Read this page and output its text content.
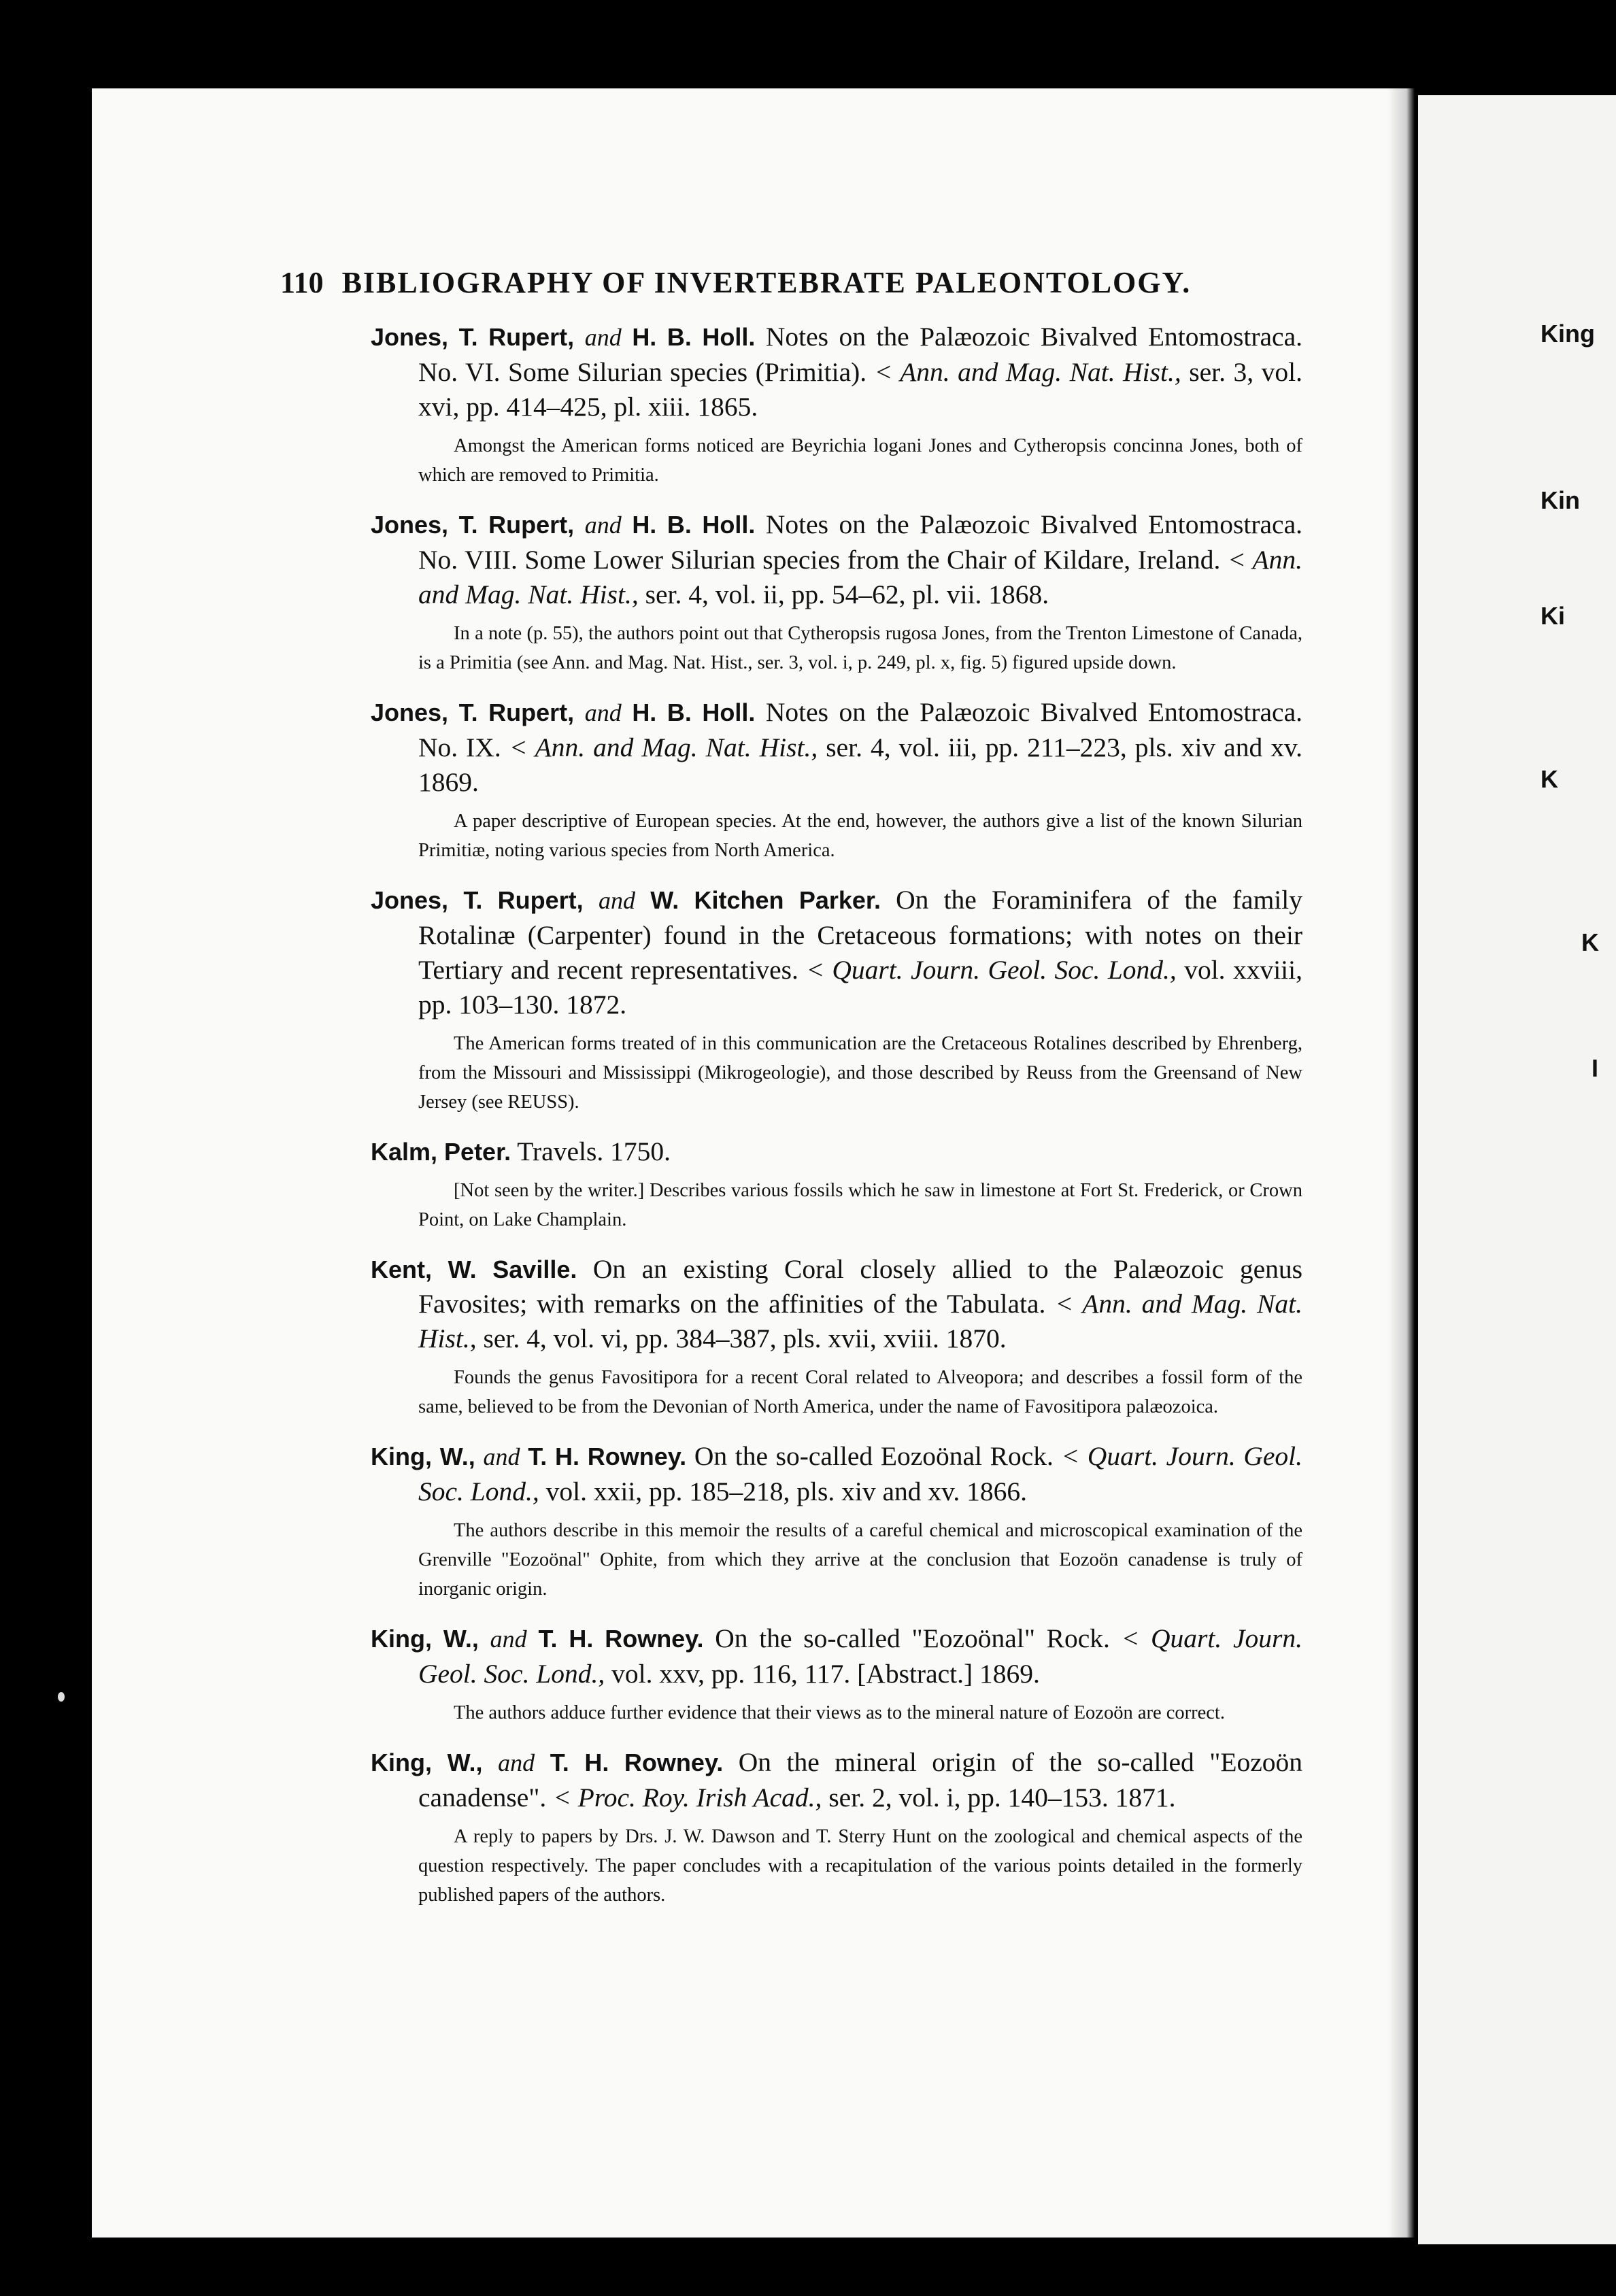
King
Kin
Ki
K
K
I
110 BIBLIOGRAPHY OF INVERTEBRATE PALEONTOLOGY.
Jones, T. Rupert, and H. B. Holl. Notes on the Palæozoic Bivalved Entomostraca. No. VI. Some Silurian species (Primitia). < Ann. and Mag. Nat. Hist., ser. 3, vol. xvi, pp. 414–425, pl. xiii. 1865.
Amongst the American forms noticed are Beyrichia logani Jones and Cytheropsis concinna Jones, both of which are removed to Primitia.
Jones, T. Rupert, and H. B. Holl. Notes on the Palæozoic Bivalved Entomostraca. No. VIII. Some Lower Silurian species from the Chair of Kildare, Ireland. < Ann. and Mag. Nat. Hist., ser. 4, vol. ii, pp. 54–62, pl. vii. 1868.
In a note (p. 55), the authors point out that Cytheropsis rugosa Jones, from the Trenton Limestone of Canada, is a Primitia (see Ann. and Mag. Nat. Hist., ser. 3, vol. i, p. 249, pl. x, fig. 5) figured upside down.
Jones, T. Rupert, and H. B. Holl. Notes on the Palæozoic Bivalved Entomostraca. No. IX. < Ann. and Mag. Nat. Hist., ser. 4, vol. iii, pp. 211–223, pls. xiv and xv. 1869.
A paper descriptive of European species. At the end, however, the authors give a list of the known Silurian Primitiæ, noting various species from North America.
Jones, T. Rupert, and W. Kitchen Parker. On the Foraminifera of the family Rotalinæ (Carpenter) found in the Cretaceous formations; with notes on their Tertiary and recent representatives. < Quart. Journ. Geol. Soc. Lond., vol. xxviii, pp. 103–130. 1872.
The American forms treated of in this communication are the Cretaceous Rotalines described by Ehrenberg, from the Missouri and Mississippi (Mikrogeologie), and those described by Reuss from the Greensand of New Jersey (see REUSS).
Kalm, Peter. Travels. 1750.
[Not seen by the writer.] Describes various fossils which he saw in limestone at Fort St. Frederick, or Crown Point, on Lake Champlain.
Kent, W. Saville. On an existing Coral closely allied to the Palæozoic genus Favosites; with remarks on the affinities of the Tabulata. < Ann. and Mag. Nat. Hist., ser. 4, vol. vi, pp. 384–387, pls. xvii, xviii. 1870.
Founds the genus Favositipora for a recent Coral related to Alveopora; and describes a fossil form of the same, believed to be from the Devonian of North America, under the name of Favositipora palæozoica.
King, W., and T. H. Rowney. On the so-called Eozoönal Rock. < Quart. Journ. Geol. Soc. Lond., vol. xxii, pp. 185–218, pls. xiv and xv. 1866.
The authors describe in this memoir the results of a careful chemical and microscopical examination of the Grenville "Eozoönal" Ophite, from which they arrive at the conclusion that Eozoön canadense is truly of inorganic origin.
King, W., and T. H. Rowney. On the so-called "Eozoönal" Rock. < Quart. Journ. Geol. Soc. Lond., vol. xxv, pp. 116, 117. [Abstract.] 1869.
The authors adduce further evidence that their views as to the mineral nature of Eozoön are correct.
King, W., and T. H. Rowney. On the mineral origin of the so-called "Eozoön canadense". < Proc. Roy. Irish Acad., ser. 2, vol. i, pp. 140–153. 1871.
A reply to papers by Drs. J. W. Dawson and T. Sterry Hunt on the zoological and chemical aspects of the question respectively. The paper concludes with a recapitulation of the various points detailed in the formerly published papers of the authors.
